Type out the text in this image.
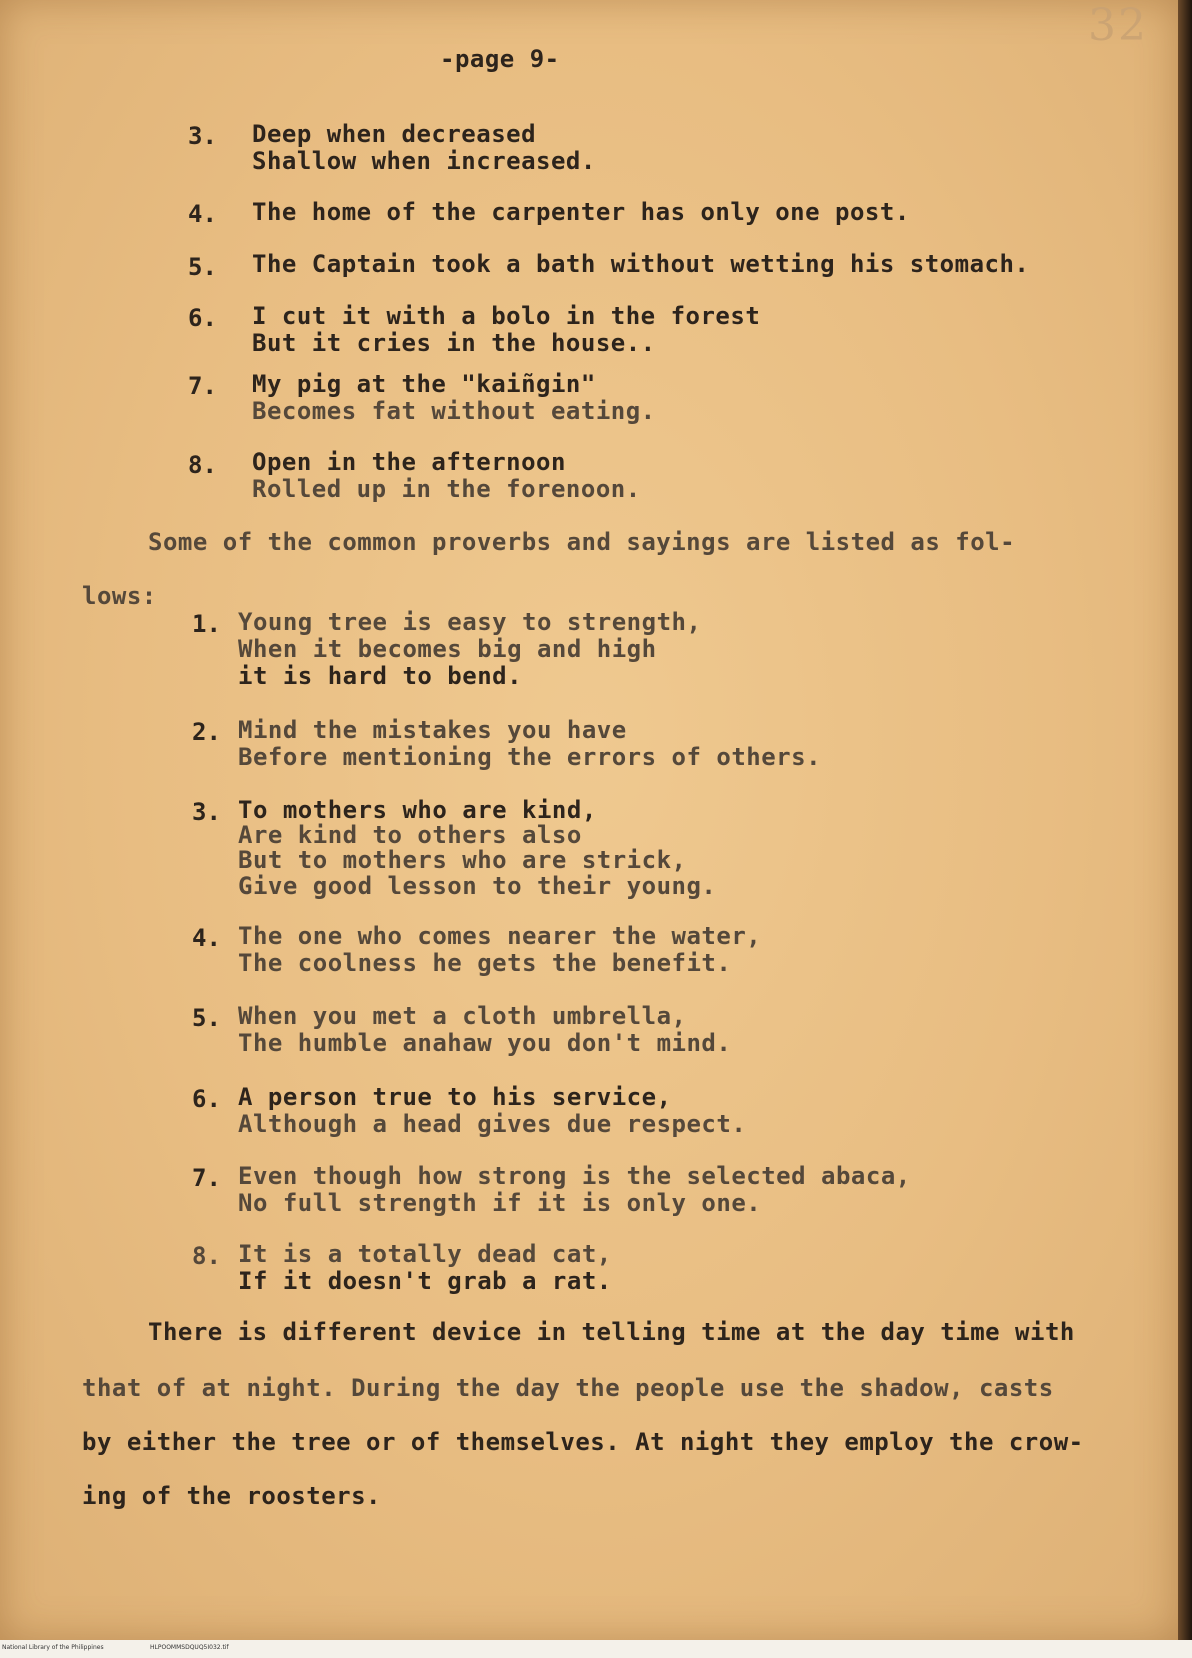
32

-page 9-

3. Deep when decreased

Shallow when increased.

4. The home of the carpenter has only one post.

5. The Captain took a bath without wetting his stomach.

6. I cut it with a bolo in the forest

But it cries in the house..

7. My pig at the "kaiñgin"

Becomes fat without eating.

8. Open in the afternoon

Rolled up in the forenoon.

Some of the common proverbs and sayings are listed as fol-

lows:

1. Young tree is easy to strength,

When it becomes big and high

it is hard to bend.

2. Mind the mistakes you have

Before mentioning the errors of others.

3. To mothers who are kind,

Are kind to others also

But to mothers who are strick,

Give good lesson to their young.

4. The one who comes nearer the water,

The coolness he gets the benefit.

5. When you met a cloth umbrella,

The humble anahaw you don't mind.

6. A person true to his service,

Although a head gives due respect.

7. Even though how strong is the selected abaca,

No full strength if it is only one.

8. It is a totally dead cat,

If it doesn't grab a rat.

There is different device in telling time at the day time with

that of at night. During the day the people use the shadow, casts

by either the tree or of themselves. At night they employ the crow-

ing of the roosters.

National Library of the Philippines	HLPOOMMSDQUQ5I032.tif
